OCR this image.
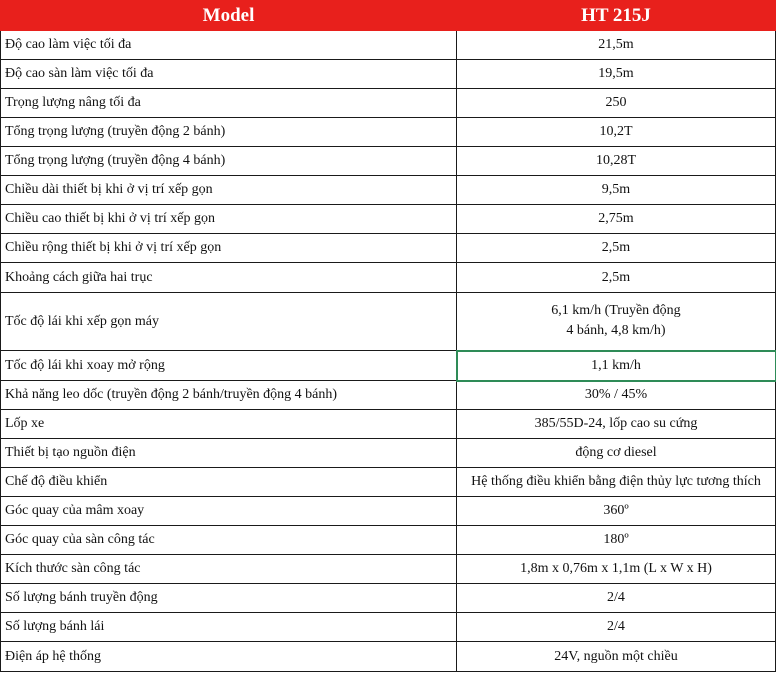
Model	HT 215J
Độ cao làm việc tối đa	21,5m
Độ cao sàn làm việc tối đa	19,5m
Trọng lượng nâng tối đa	250
Tổng trọng lượng (truyền động 2 bánh)	10,2T
Tổng trọng lượng (truyền động 4 bánh)	10,28T
Chiều dài thiết bị khi ở vị trí xếp gọn	9,5m
Chiều cao thiết bị khi ở vị trí xếp gọn	2,75m
Chiều rộng thiết bị khi ở vị trí xếp gọn	2,5m
Khoảng cách giữa hai trục	2,5m
Tốc độ lái khi xếp gọn máy	6,1 km/h (Truyền động
4 bánh, 4,8 km/h)

Tốc độ lái khi xoay mở rộng	1,1 km/h
Khả năng leo dốc (truyền động 2 bánh/truyền động 4 bánh)	30% / 45%
Lốp xe	385/55D-24, lốp cao su cứng
Thiết bị tạo nguồn điện	động cơ diesel
Chế độ điều khiển	Hệ thống điều khiển bằng điện thủy lực tương thích
Góc quay của mâm xoay	360º
Góc quay của sàn công tác	180º
Kích thước sàn công tác	1,8m x 0,76m x 1,1m (L x W x H)
Số lượng bánh truyền động	2/4
Số lượng bánh lái	2/4
Điện áp hệ thống	24V, nguồn một chiều
